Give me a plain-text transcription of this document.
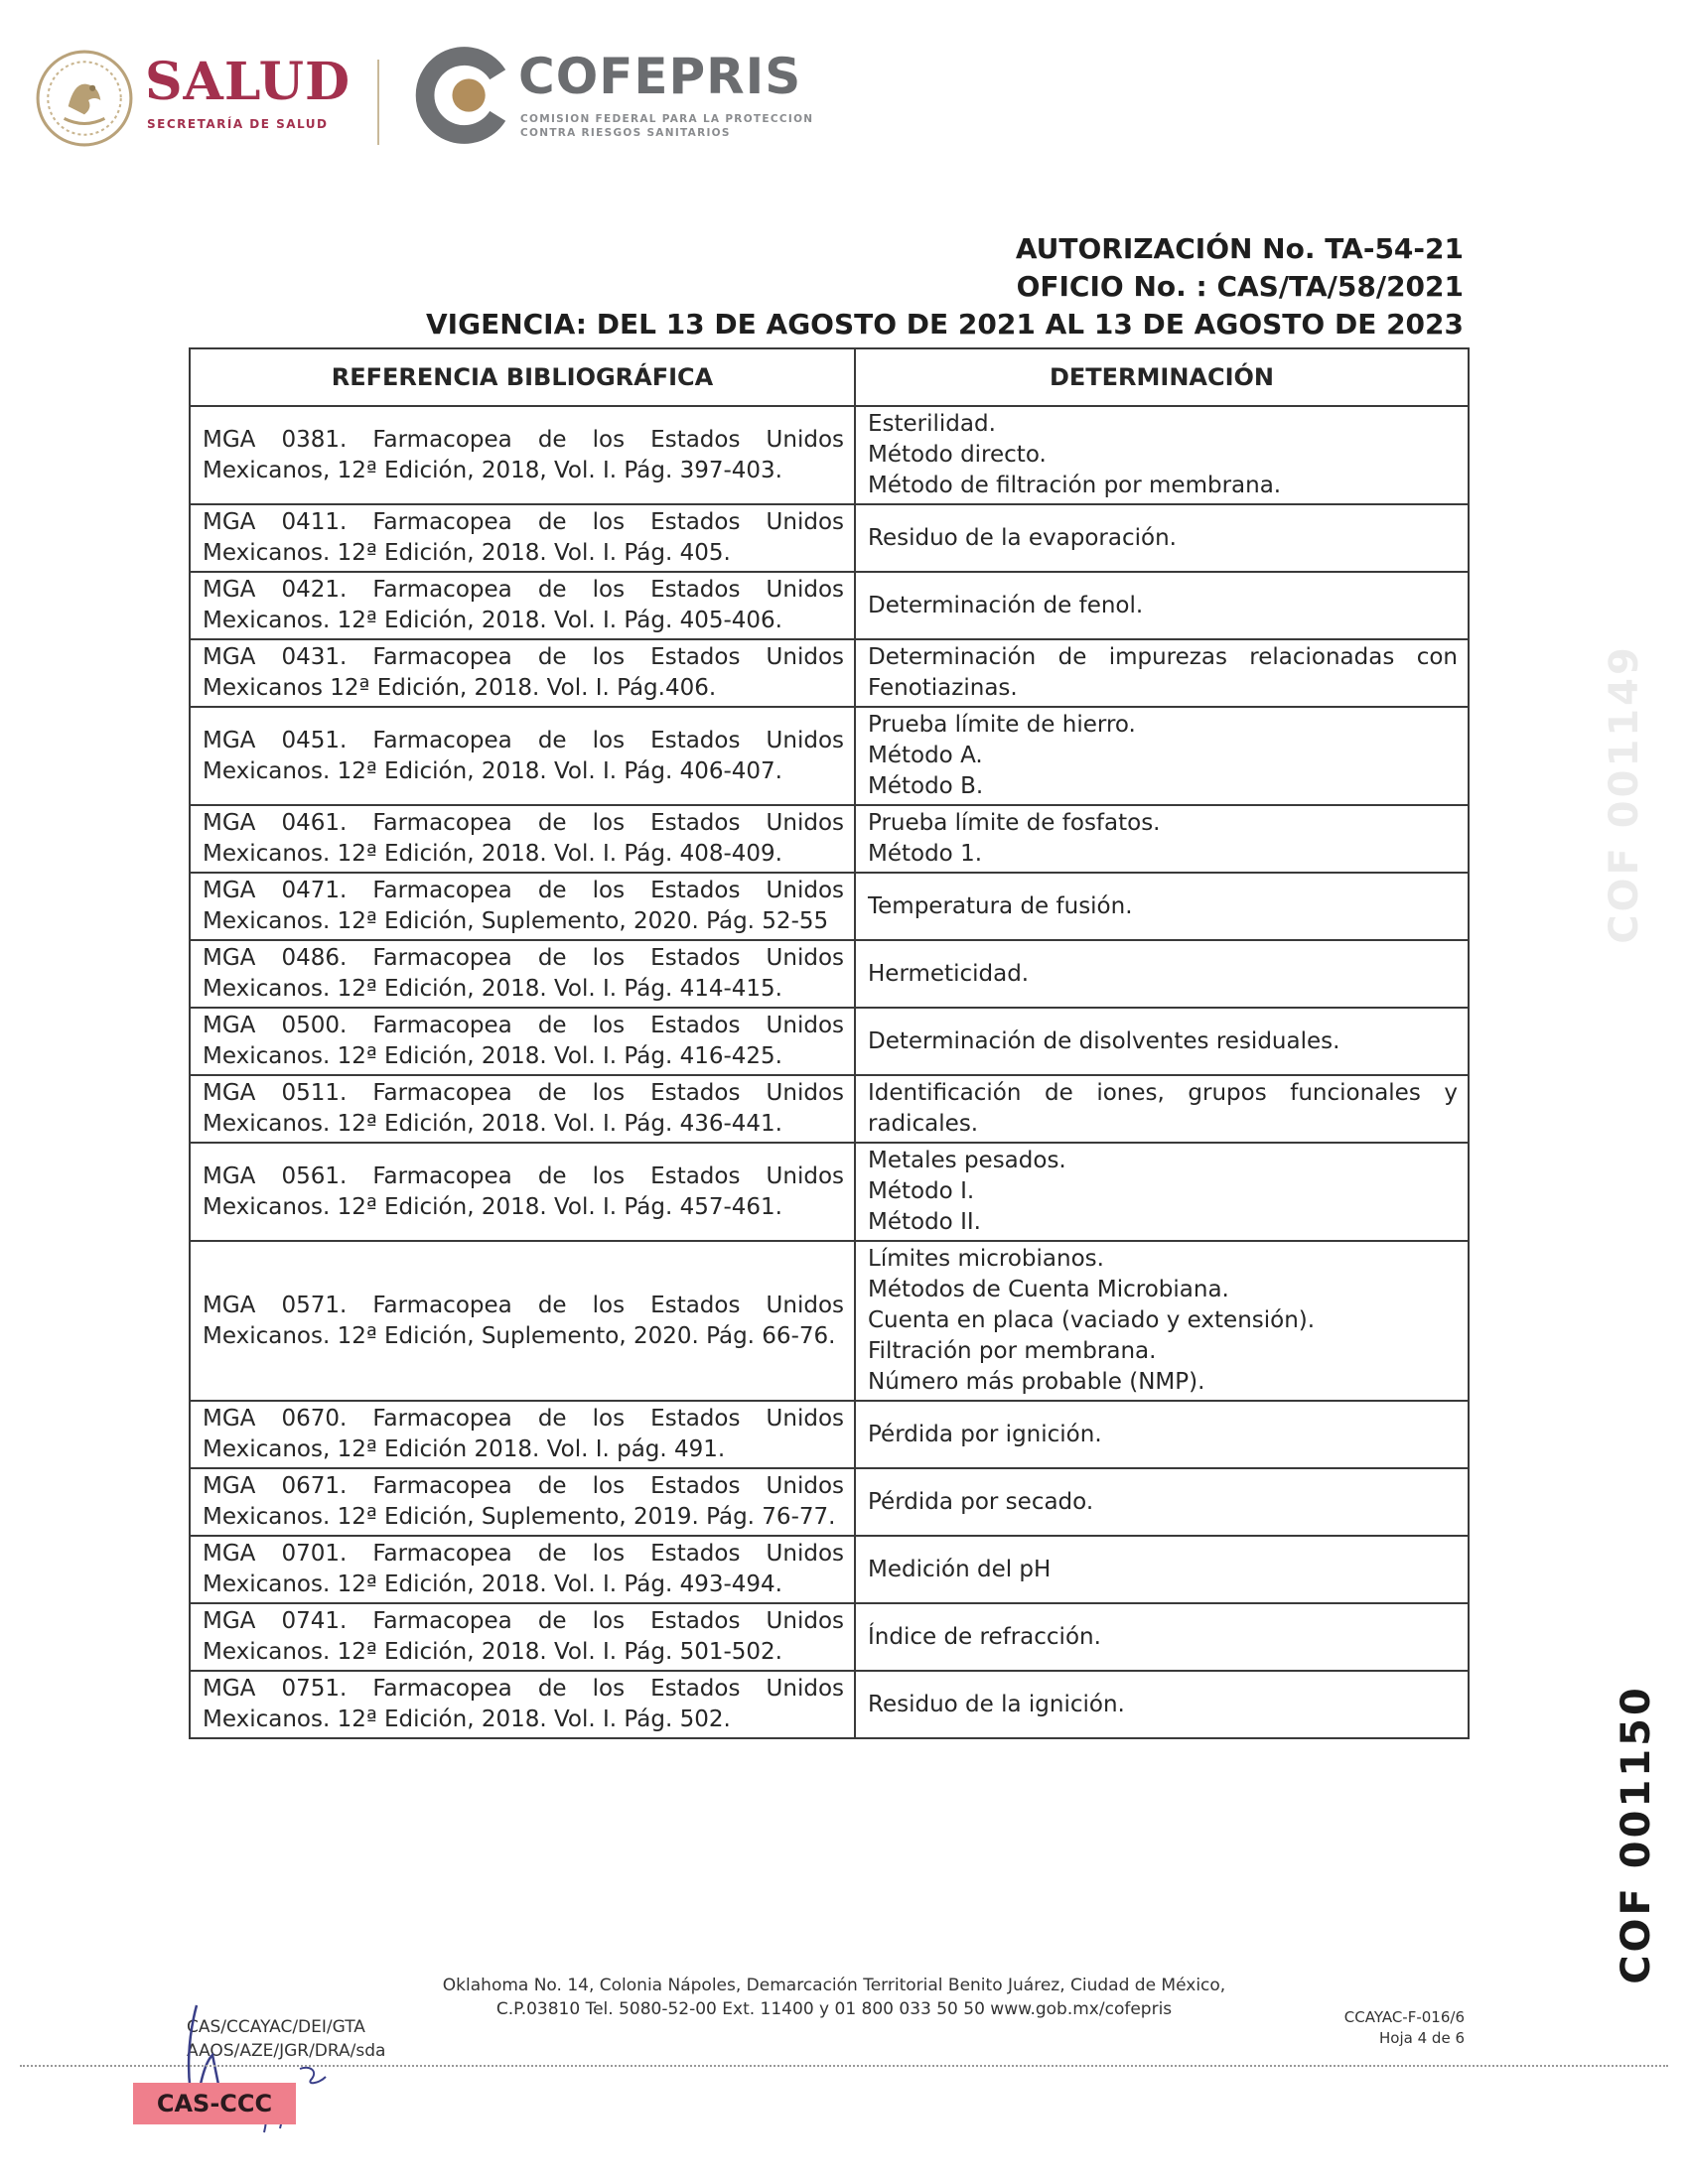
SALUD
SECRETARÍA DE SALUD
COFEPRIS
COMISION FEDERAL PARA LA PROTECCION
CONTRA RIESGOS SANITARIOS
AUTORIZACIÓN No. TA-54-21
OFICIO No. : CAS/TA/58/2021
VIGENCIA: DEL 13 DE AGOSTO DE 2021 AL 13 DE AGOSTO DE 2023
REFERENCIA BIBLIOGRÁFICA	DETERMINACIÓN
MGA 0381. Farmacopea de los Estados Unidos Mexicanos, 12ª Edición, 2018, Vol. I. Pág. 397-403.	Esterilidad.
Método directo.
Método de filtración por membrana.
MGA 0411. Farmacopea de los Estados Unidos Mexicanos. 12ª Edición, 2018. Vol. I. Pág. 405.	Residuo de la evaporación.
MGA 0421. Farmacopea de los Estados Unidos Mexicanos. 12ª Edición, 2018. Vol. I. Pág. 405-406.	Determinación de fenol.
MGA 0431. Farmacopea de los Estados Unidos Mexicanos 12ª Edición, 2018. Vol. I. Pág.406.	Determinación de impurezas relacionadas con Fenotiazinas.
MGA 0451. Farmacopea de los Estados Unidos Mexicanos. 12ª Edición, 2018. Vol. I. Pág. 406-407.	Prueba límite de hierro.
Método A.
Método B.
MGA 0461. Farmacopea de los Estados Unidos Mexicanos. 12ª Edición, 2018. Vol. I. Pág. 408-409.	Prueba límite de fosfatos.
Método 1.
MGA 0471. Farmacopea de los Estados Unidos Mexicanos. 12ª Edición, Suplemento, 2020. Pág. 52-55	Temperatura de fusión.
MGA 0486. Farmacopea de los Estados Unidos Mexicanos. 12ª Edición, 2018. Vol. I. Pág. 414-415.	Hermeticidad.
MGA 0500. Farmacopea de los Estados Unidos Mexicanos. 12ª Edición, 2018. Vol. I. Pág. 416-425.	Determinación de disolventes residuales.
MGA 0511. Farmacopea de los Estados Unidos Mexicanos. 12ª Edición, 2018. Vol. I. Pág. 436-441.	Identificación de iones, grupos funcionales y radicales.
MGA 0561. Farmacopea de los Estados Unidos Mexicanos. 12ª Edición, 2018. Vol. I. Pág. 457-461.	Metales pesados.
Método I.
Método II.
MGA 0571. Farmacopea de los Estados Unidos Mexicanos. 12ª Edición, Suplemento, 2020. Pág. 66-76.	Límites microbianos.
Métodos de Cuenta Microbiana.
Cuenta en placa (vaciado y extensión).
Filtración por membrana.
Número más probable (NMP).
MGA 0670. Farmacopea de los Estados Unidos Mexicanos, 12ª Edición 2018. Vol. I. pág. 491.	Pérdida por ignición.
MGA 0671. Farmacopea de los Estados Unidos Mexicanos. 12ª Edición, Suplemento, 2019. Pág. 76-77.	Pérdida por secado.
MGA 0701. Farmacopea de los Estados Unidos Mexicanos. 12ª Edición, 2018. Vol. I. Pág. 493-494.	Medición del pH
MGA 0741. Farmacopea de los Estados Unidos Mexicanos. 12ª Edición, 2018. Vol. I. Pág. 501-502.	Índice de refracción.
MGA 0751. Farmacopea de los Estados Unidos Mexicanos. 12ª Edición, 2018. Vol. I. Pág. 502.	Residuo de la ignición.
COF 001149
COF 001150
Oklahoma No. 14, Colonia Nápoles, Demarcación Territorial Benito Juárez, Ciudad de México,
C.P.03810 Tel. 5080-52-00 Ext. 11400 y 01 800 033 50 50 www.gob.mx/cofepris	CCAYAC-F-016/6
Hoja 4 de 6
CAS/CCAYAC/DEI/GTA
AAOS/AZE/JGR/DRA/sda
CAS-CCC
